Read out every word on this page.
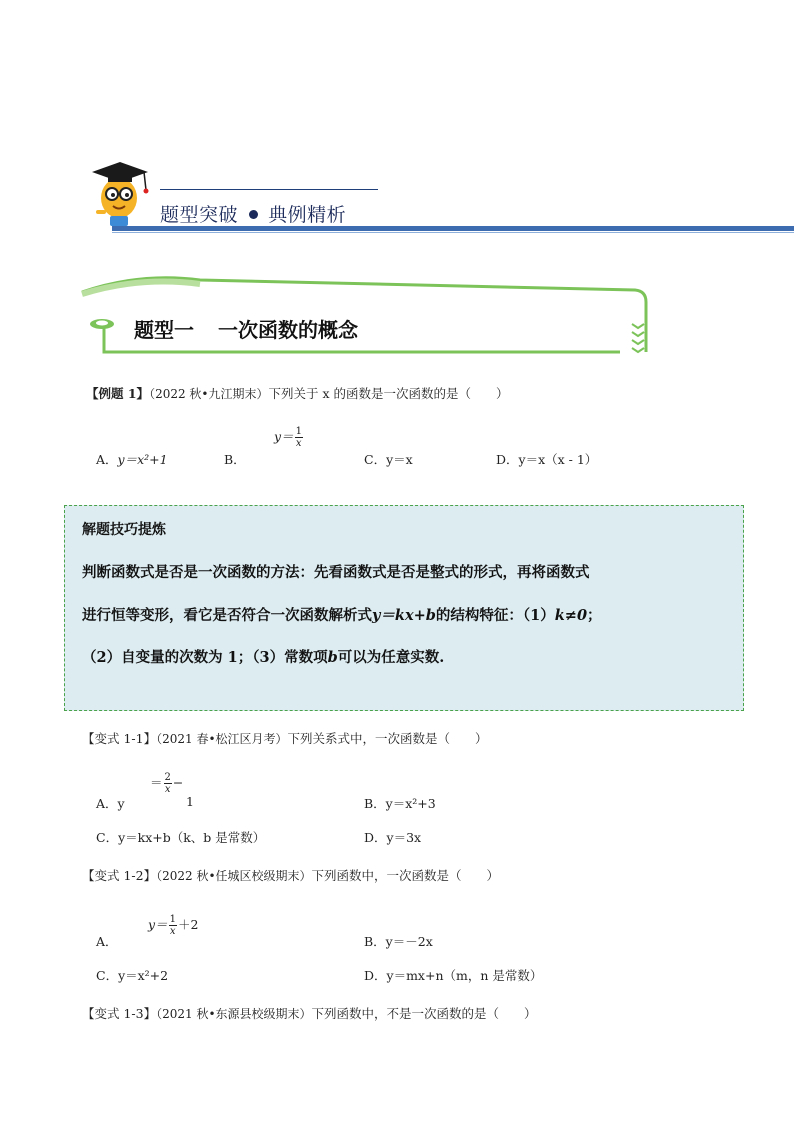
题型突破 典例精析
题型一 一次函数的概念
【例题 1】（2022 秋•九江期末）下列关于 x 的函数是一次函数的是（　　）
A．y＝x²+1	B．
$y= \frac{1}{x}$
C．y＝x	D．y＝x（x - 1）
解题技巧提炼
判断函数式是否是一次函数的方法：先看函数式是否是整式的形式，再将函数式
进行恒等变形，看它是否符合一次函数解析式y＝kx+b的结构特征：（1）k≠0；
（2）自变量的次数为 1；（3）常数项b可以为任意实数.
【变式 1-1】（2021 春•松江区月考）下列关系式中，一次函数是（　　）
A．y
＝ $\frac{2}{x}$ −
1	B．y＝x²+3
C．y＝kx+b（k、b 是常数）	D．y＝3x
【变式 1-2】（2022 秋•任城区校级期末）下列函数中，一次函数是（　　）
A．
$y= \frac{1}{x} +2$
B．y＝－2x
C．y＝x²+2	D．y＝mx+n（m，n 是常数）
【变式 1-3】（2021 秋•东源县校级期末）下列函数中，不是一次函数的是（　　）
